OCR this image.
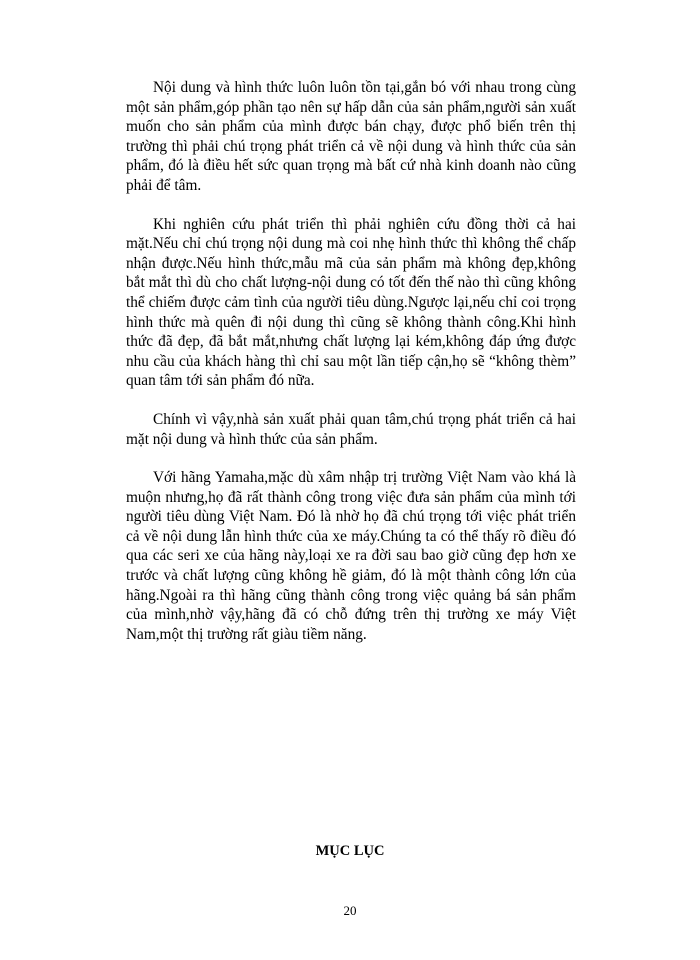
Nội dung và hình thức luôn luôn tồn tại,gắn bó với nhau trong cùng một sản phẩm,góp phần tạo nên sự hấp dẫn của sản phẩm,người sản xuất muốn cho sản phẩm của mình được bán chạy, được phổ biến trên thị trường thì phải chú trọng phát triển cả về nội dung và hình thức của sản phẩm, đó là điều hết sức quan trọng mà bất cứ nhà kinh doanh nào cũng phải để tâm.

Khi nghiên cứu phát triển thì phải nghiên cứu đồng thời cả hai mặt.Nếu chỉ chú trọng nội dung mà coi nhẹ hình thức thì không thể chấp nhận được.Nếu hình thức,mẫu mã của sản phẩm mà không đẹp,không bắt mắt thì dù cho chất lượng-nội dung có tốt đến thế nào thì cũng không thể chiếm được cảm tình của người tiêu dùng.Ngược lại,nếu chỉ coi trọng hình thức mà quên đi nội dung thì cũng sẽ không thành công.Khi hình thức đã đẹp, đã bắt mắt,nhưng chất lượng lại kém,không đáp ứng được nhu cầu của khách hàng thì chỉ sau một lần tiếp cận,họ sẽ “không thèm” quan tâm tới sản phẩm đó nữa.

Chính vì vậy,nhà sản xuất phải quan tâm,chú trọng phát triển cả hai mặt nội dung và hình thức của sản phẩm.

Với hãng Yamaha,mặc dù xâm nhập trị trường Việt Nam vào khá là muộn nhưng,họ đã rất thành công trong việc đưa sản phẩm của mình tới người tiêu dùng Việt Nam. Đó là nhờ họ đã chú trọng tới việc phát triển cả về nội dung lẫn hình thức của xe máy.Chúng ta có thể thấy rõ điều đó qua các seri xe của hãng này,loại xe ra đời sau bao giờ cũng đẹp hơn xe trước và chất lượng cũng không hề giảm, đó là một thành công lớn của hãng.Ngoài ra thì hãng cũng thành công trong việc quảng bá sản phẩm của mình,nhờ vậy,hãng đã có chỗ đứng trên thị trường xe máy Việt Nam,một thị trường rất giàu tiềm năng.

MỤC LỤC

20
